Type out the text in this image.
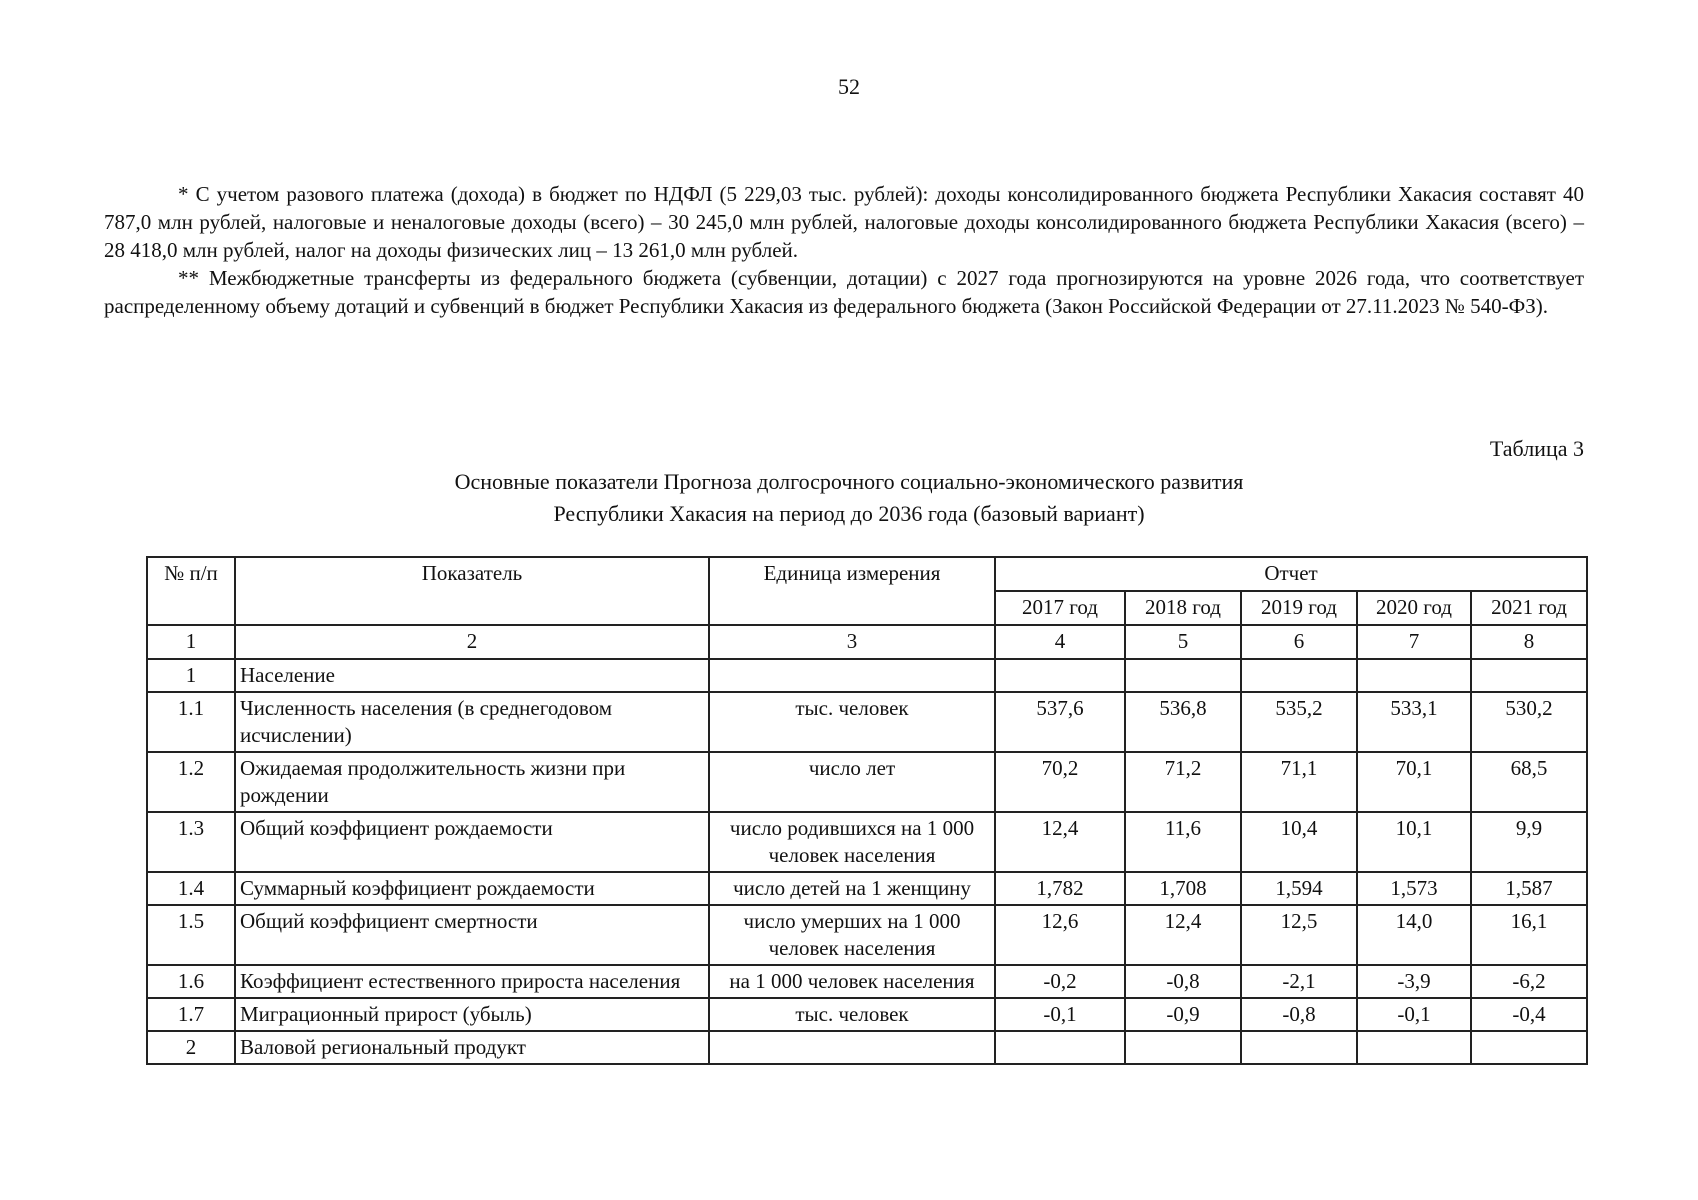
52

* С учетом разового платежа (дохода) в бюджет по НДФЛ (5 229,03 тыс. рублей): доходы консолидированного бюджета Республики Хакасия составят 40 787,0 млн рублей, налоговые и неналоговые доходы (всего) – 30 245,0 млн рублей, налоговые доходы консолидированного бюджета Республики Хакасия (всего) – 28 418,0 млн рублей, налог на доходы физических лиц – 13 261,0 млн рублей.

** Межбюджетные трансферты из федерального бюджета (субвенции, дотации) с 2027 года прогнозируются на уровне 2026 года, что соответствует распределенному объему дотаций и субвенций в бюджет Республики Хакасия из федерального бюджета (Закон Российской Федерации от 27.11.2023 № 540-ФЗ).

Таблица 3
Основные показатели Прогноза долгосрочного социально-экономического развития
Республики Хакасия на период до 2036 года (базовый вариант)
№ п/п	Показатель	Единица измерения	Отчет				
			2017 год	2018 год	2019 год	2020 год	2021 год
1	2	3	4	5	6	7	8
1	Население						
1.1	Численность населения (в среднегодовом исчислении)	тыс. человек	537,6	536,8	535,2	533,1	530,2
1.2	Ожидаемая продолжительность жизни при рождении	число лет	70,2	71,2	71,1	70,1	68,5
1.3	Общий коэффициент рождаемости	число родившихся на 1 000 человек населения	12,4	11,6	10,4	10,1	9,9
1.4	Суммарный коэффициент рождаемости	число детей на 1 женщину	1,782	1,708	1,594	1,573	1,587
1.5	Общий коэффициент смертности	число умерших на 1 000 человек населения	12,6	12,4	12,5	14,0	16,1
1.6	Коэффициент естественного прироста населения	на 1 000 человек населения	-0,2	-0,8	-2,1	-3,9	-6,2
1.7	Миграционный прирост (убыль)	тыс. человек	-0,1	-0,9	-0,8	-0,1	-0,4
2	Валовой региональный продукт						
